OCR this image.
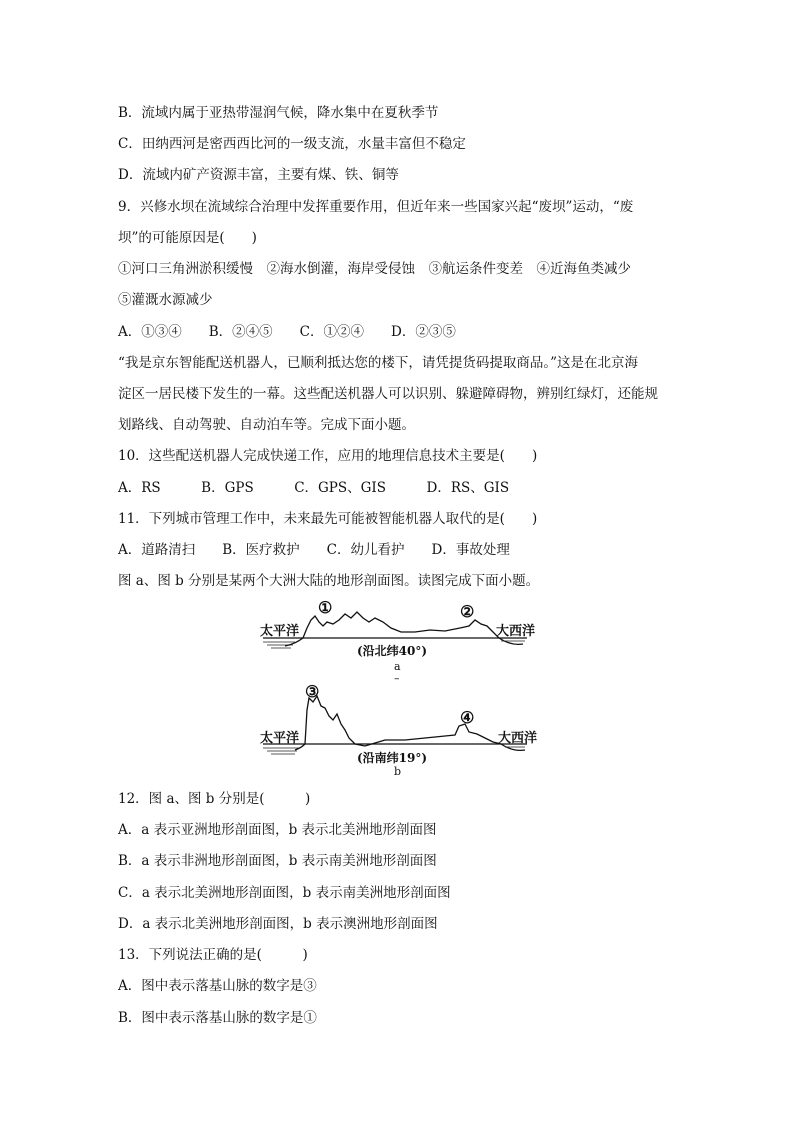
B．流域内属于亚热带湿润气候，降水集中在夏秋季节
C．田纳西河是密西西比河的一级支流，水量丰富但不稳定
D．流域内矿产资源丰富，主要有煤、铁、铜等
9．兴修水坝在流域综合治理中发挥重要作用，但近年来一些国家兴起“废坝”运动，“废
坝”的可能原因是(　　)
①河口三角洲淤积缓慢　②海水倒灌，海岸受侵蚀　③航运条件变差　④近海鱼类减少
⑤灌溉水源减少
A．①③④　　B．②④⑤　　C．①②④　　D．②③⑤
“我是京东智能配送机器人，已顺利抵达您的楼下，请凭提货码提取商品。”这是在北京海
淀区一居民楼下发生的一幕。这些配送机器人可以识别、躲避障碍物，辨别红绿灯，还能规
划路线、自动驾驶、自动泊车等。完成下面小题。
10．这些配送机器人完成快递工作，应用的地理信息技术主要是(　　)
A．RS　　　B．GPS　　　C．GPS、GIS　　　D．RS、GIS
11．下列城市管理工作中，未来最先可能被智能机器人取代的是(　　)
A．道路清扫　　B．医疗救护　　C．幼儿看护　　D．事故处理
图 a、图 b 分别是某两个大洲大陆的地形剖面图。读图完成下面小题。
太平洋	大西洋
①	②
(沿北纬40°)
a
–
太平洋	大西洋
③
④
(沿南纬19°)
b
12．图 a、图 b 分别是(　　　)
A．a 表示亚洲地形剖面图，b 表示北美洲地形剖面图
B．a 表示非洲地形剖面图，b 表示南美洲地形剖面图
C．a 表示北美洲地形剖面图，b 表示南美洲地形剖面图
D．a 表示北美洲地形剖面图，b 表示澳洲地形剖面图
13．下列说法正确的是(　　　)
A．图中表示落基山脉的数字是③
B．图中表示落基山脉的数字是①
